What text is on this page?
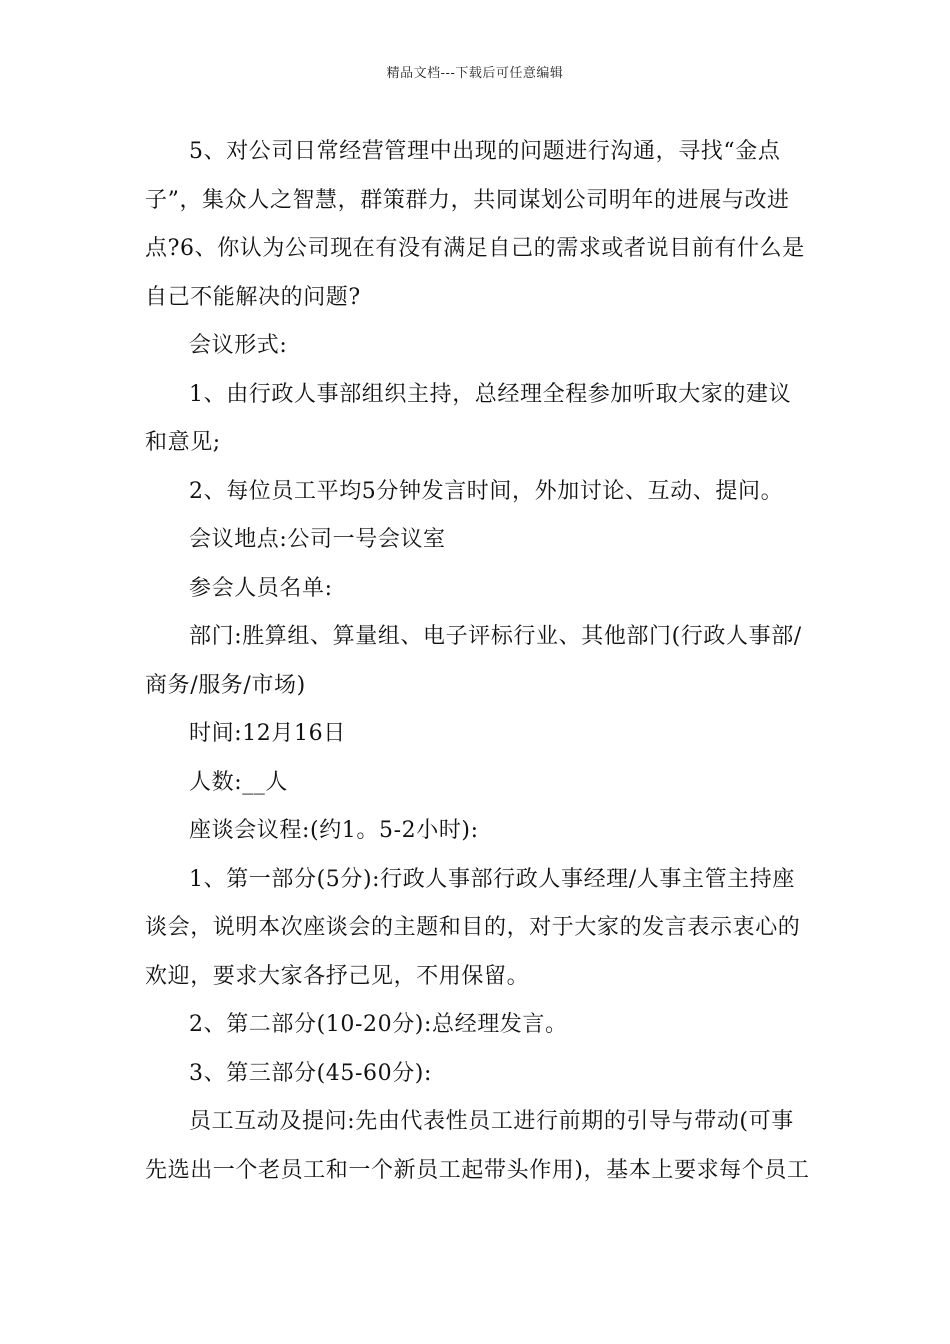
精品文档---下载后可任意编辑

5、对公司日常经营管理中出现的问题进行沟通，寻找“金点子”，集众人之智慧，群策群力，共同谋划公司明年的进展与改进点?6、你认为公司现在有没有满足自己的需求或者说目前有什么是自己不能解决的问题?

会议形式:

1、由行政人事部组织主持，总经理全程参加听取大家的建议和意见;

2、每位员工平均5分钟发言时间，外加讨论、互动、提问。

会议地点:公司一号会议室

参会人员名单:

部门:胜算组、算量组、电子评标行业、其他部门(行政人事部/商务/服务/市场)

时间:12月16日

人数:__人

座谈会议程:(约1。5-2小时):

1、第一部分(5分):行政人事部行政人事经理/人事主管主持座谈会，说明本次座谈会的主题和目的，对于大家的发言表示衷心的欢迎，要求大家各抒己见，不用保留。

2、第二部分(10-20分):总经理发言。

3、第三部分(45-60分):

员工互动及提问:先由代表性员工进行前期的引导与带动(可事先选出一个老员工和一个新员工起带头作用)，基本上要求每个员工
